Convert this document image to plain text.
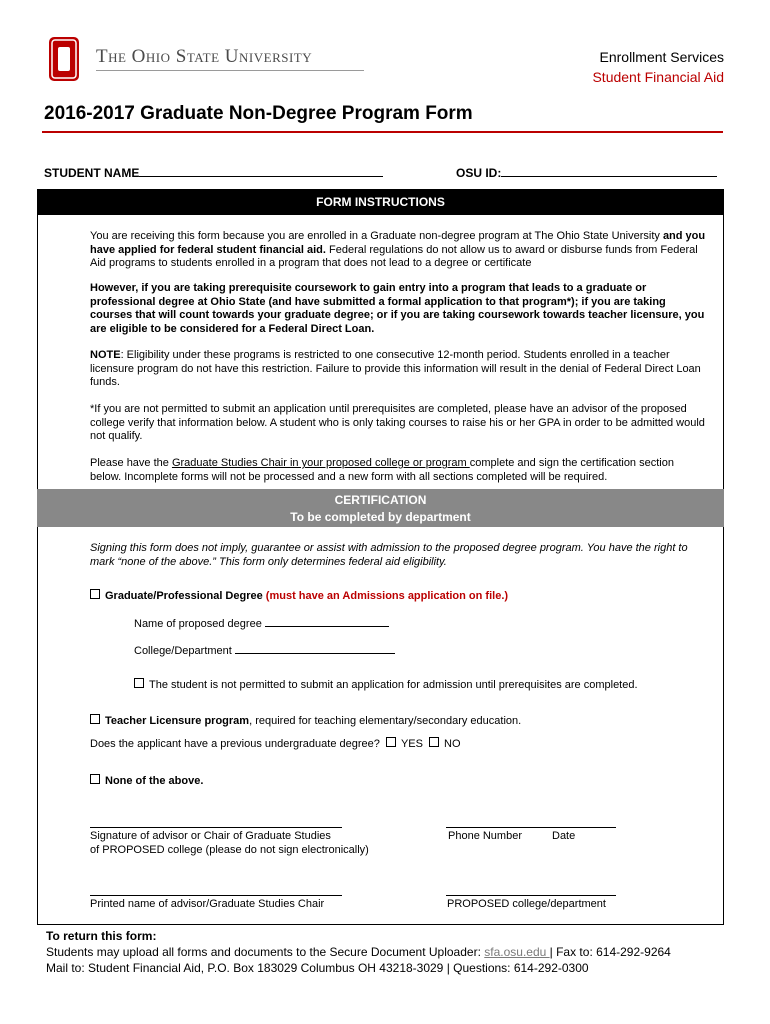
The Ohio State University	Enrollment Services
Student Financial Aid
2016-2017 Graduate Non-Degree Program Form
STUDENT NAME	OSU ID:
FORM INSTRUCTIONS
You are receiving this form because you are enrolled in a Graduate non-degree program at The Ohio State University and you have applied for federal student financial aid. Federal regulations do not allow us to award or disburse funds from Federal Aid programs to students enrolled in a program that does not lead to a degree or certificate
However, if you are taking prerequisite coursework to gain entry into a program that leads to a graduate or professional degree at Ohio State (and have submitted a formal application to that program*); if you are taking courses that will count towards your graduate degree; or if you are taking coursework towards teacher licensure, you are eligible to be considered for a Federal Direct Loan.
NOTE: Eligibility under these programs is restricted to one consecutive 12-month period. Students enrolled in a teacher licensure program do not have this restriction. Failure to provide this information will result in the denial of Federal Direct Loan funds.
*If you are not permitted to submit an application until prerequisites are completed, please have an advisor of the proposed college verify that information below. A student who is only taking courses to raise his or her GPA in order to be admitted would not qualify.
Please have the Graduate Studies Chair in your proposed college or program complete and sign the certification section below. Incomplete forms will not be processed and a new form with all sections completed will be required.
CERTIFICATION
To be completed by department
Signing this form does not imply, guarantee or assist with admission to the proposed degree program. You have the right to mark “none of the above.” This form only determines federal aid eligibility.
Graduate/Professional Degree (must have an Admissions application on file.)
Name of proposed degree
College/Department
The student is not permitted to submit an application for admission until prerequisites are completed.
Teacher Licensure program, required for teaching elementary/secondary education.
Does the applicant have a previous undergraduate degree? YES NO
None of the above.
Signature of advisor or Chair of Graduate Studies
of PROPOSED college (please do not sign electronically)
Phone Number	Date
Printed name of advisor/Graduate Studies Chair	PROPOSED college/department
To return this form:
Students may upload all forms and documents to the Secure Document Uploader: sfa.osu.edu | Fax to: 614-292-9264
Mail to: Student Financial Aid, P.O. Box 183029 Columbus OH 43218-3029 | Questions: 614-292-0300
